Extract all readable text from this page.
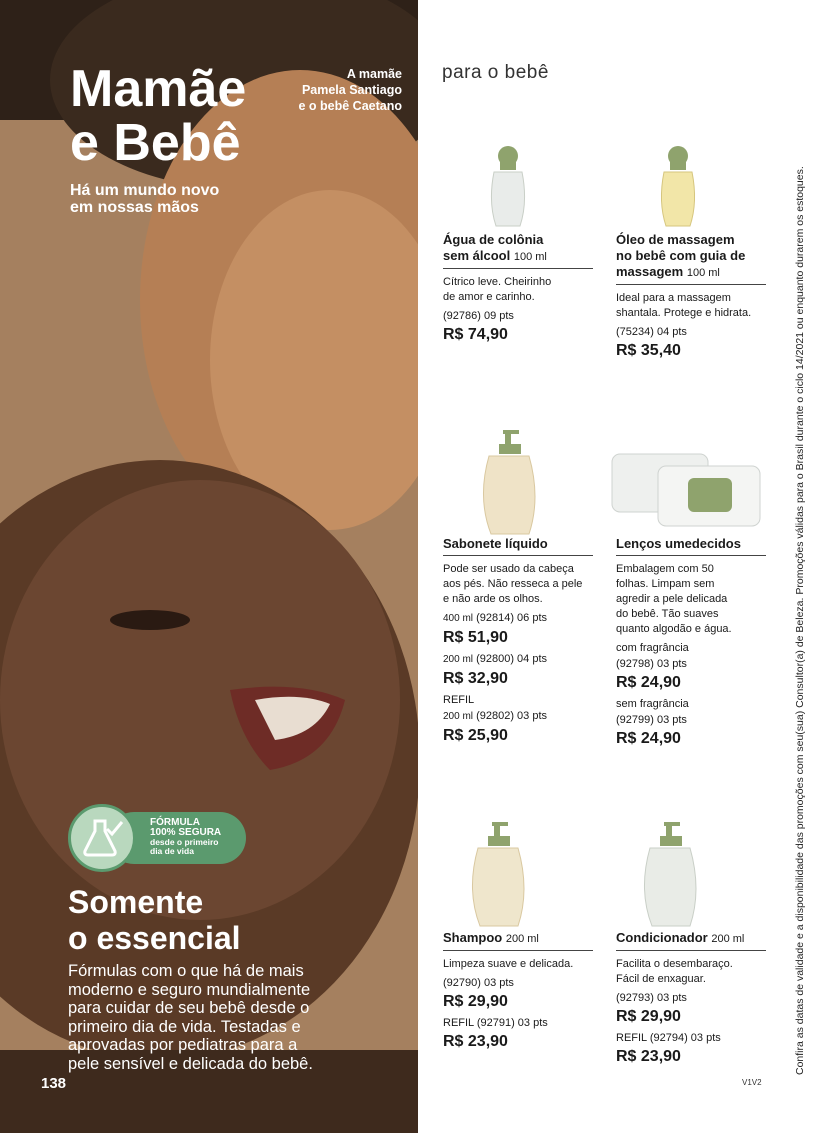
Mamãe
e Bebê
Há um mundo novo
em nossas mãos
A mamãe
Pamela Santiago
e o bebê Caetano
FÓRMULA
100% SEGURA
desde o primeiro
dia de vida
Somente
o essencial
Fórmulas com o que há de mais
moderno e seguro mundialmente
para cuidar de seu bebê desde o
primeiro dia de vida. Testadas e
aprovadas por pediatras para a
pele sensível e delicada do bebê.
138
para o bebê
Confira as datas de validade e a disponibilidade das promoções com seu(sua) Consultor(a) de Beleza. Promoções válidas para o Brasil durante o ciclo 14/2021 ou enquanto durarem os estoques.
V1V2
Água de colônia
sem álcool 100 ml
Cítrico leve. Cheirinho
de amor e carinho.
(92786) 09 pts
R$ 74,90
Óleo de massagem
no bebê com guia de
massagem 100 ml
Ideal para a massagem
shantala. Protege e hidrata.
(75234) 04 pts
R$ 35,40
Sabonete líquido
Pode ser usado da cabeça
aos pés. Não resseca a pele
e não arde os olhos.
400 ml (92814) 06 pts
R$ 51,90
200 ml (92800) 04 pts
R$ 32,90
REFIL
200 ml (92802) 03 pts
R$ 25,90
Lenços umedecidos
Embalagem com 50
folhas. Limpam sem
agredir a pele delicada
do bebê. Tão suaves
quanto algodão e água.
com fragrância
(92798) 03 pts
R$ 24,90
sem fragrância
(92799) 03 pts
R$ 24,90
Shampoo 200 ml
Limpeza suave e delicada.
(92790) 03 pts
R$ 29,90
REFIL (92791) 03 pts
R$ 23,90
Condicionador 200 ml
Facilita o desembaraço.
Fácil de enxaguar.
(92793) 03 pts
R$ 29,90
REFIL (92794) 03 pts
R$ 23,90
